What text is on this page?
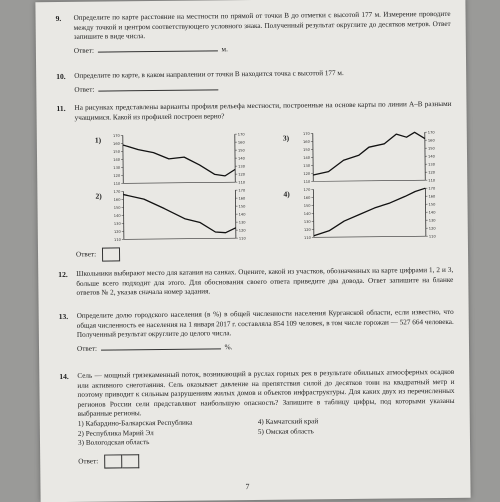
9. Определите по карте расстояние на местности по прямой от точки В до отметки с высотой 177 м. Измерение проводите между точкой и центром соответствующего условного знака. Полученный результат округлите до десятков метров. Ответ запишите в виде числа.
Ответ:	м.
10. Определите по карте, в каком направлении от точки В находится точка с высотой 177 м.
Ответ:
11. На рисунках представлены варианты профиля рельефа местности, построенные на основе карты по линии А–В разными учащимися. Какой из профилей построен верно?
1)	170	170
160	160
150	150
140	140
130	130
120	120
110	110
3)	170	170
160	160
150	150
140	140
130	130
120	120
110	110
2)	170	170
160	160
150	150
140	140
130	130
120	120
110	110
4)	170	170
160	160
150	150
140	140
130	130
120	120
110	110
Ответ:
12. Школьники выбирают место для катания на санках. Оцените, какой из участков, обозначенных на карте цифрами 1, 2 и 3, больше всего подходит для этого. Для обоснования своего ответа приведите два довода. Ответ запишите на бланке ответов № 2, указав сначала номер задания.
13. Определите долю городского населения (в %) в общей численности населения Курганской области, если известно, что общая численность ее населения на 1 января 2017 г. составляла 854 109 человек, в том числе горожан — 527 664 человека. Полученный результат округлите до целого числа.
Ответ:	%.
14. Сель — мощный грязекаменный поток, возникающий в руслах горных рек в результате обильных атмосферных осадков или активного снеготаяния. Сель оказывает давление на препятствия силой до десятков тонн на квадратный метр и поэтому приводит к сильным разрушениям жилых домов и объектов инфраструктуры. Для каких двух из перечисленных регионов России сели представляют наибольшую опасность? Запишите в таблицу цифры, под которыми указаны выбранные регионы.
1) Кабардино-Балкарская Республика	4) Камчатский край
2) Республика Марий Эл	5) Омская область
3) Вологодская область
Ответ:
7
